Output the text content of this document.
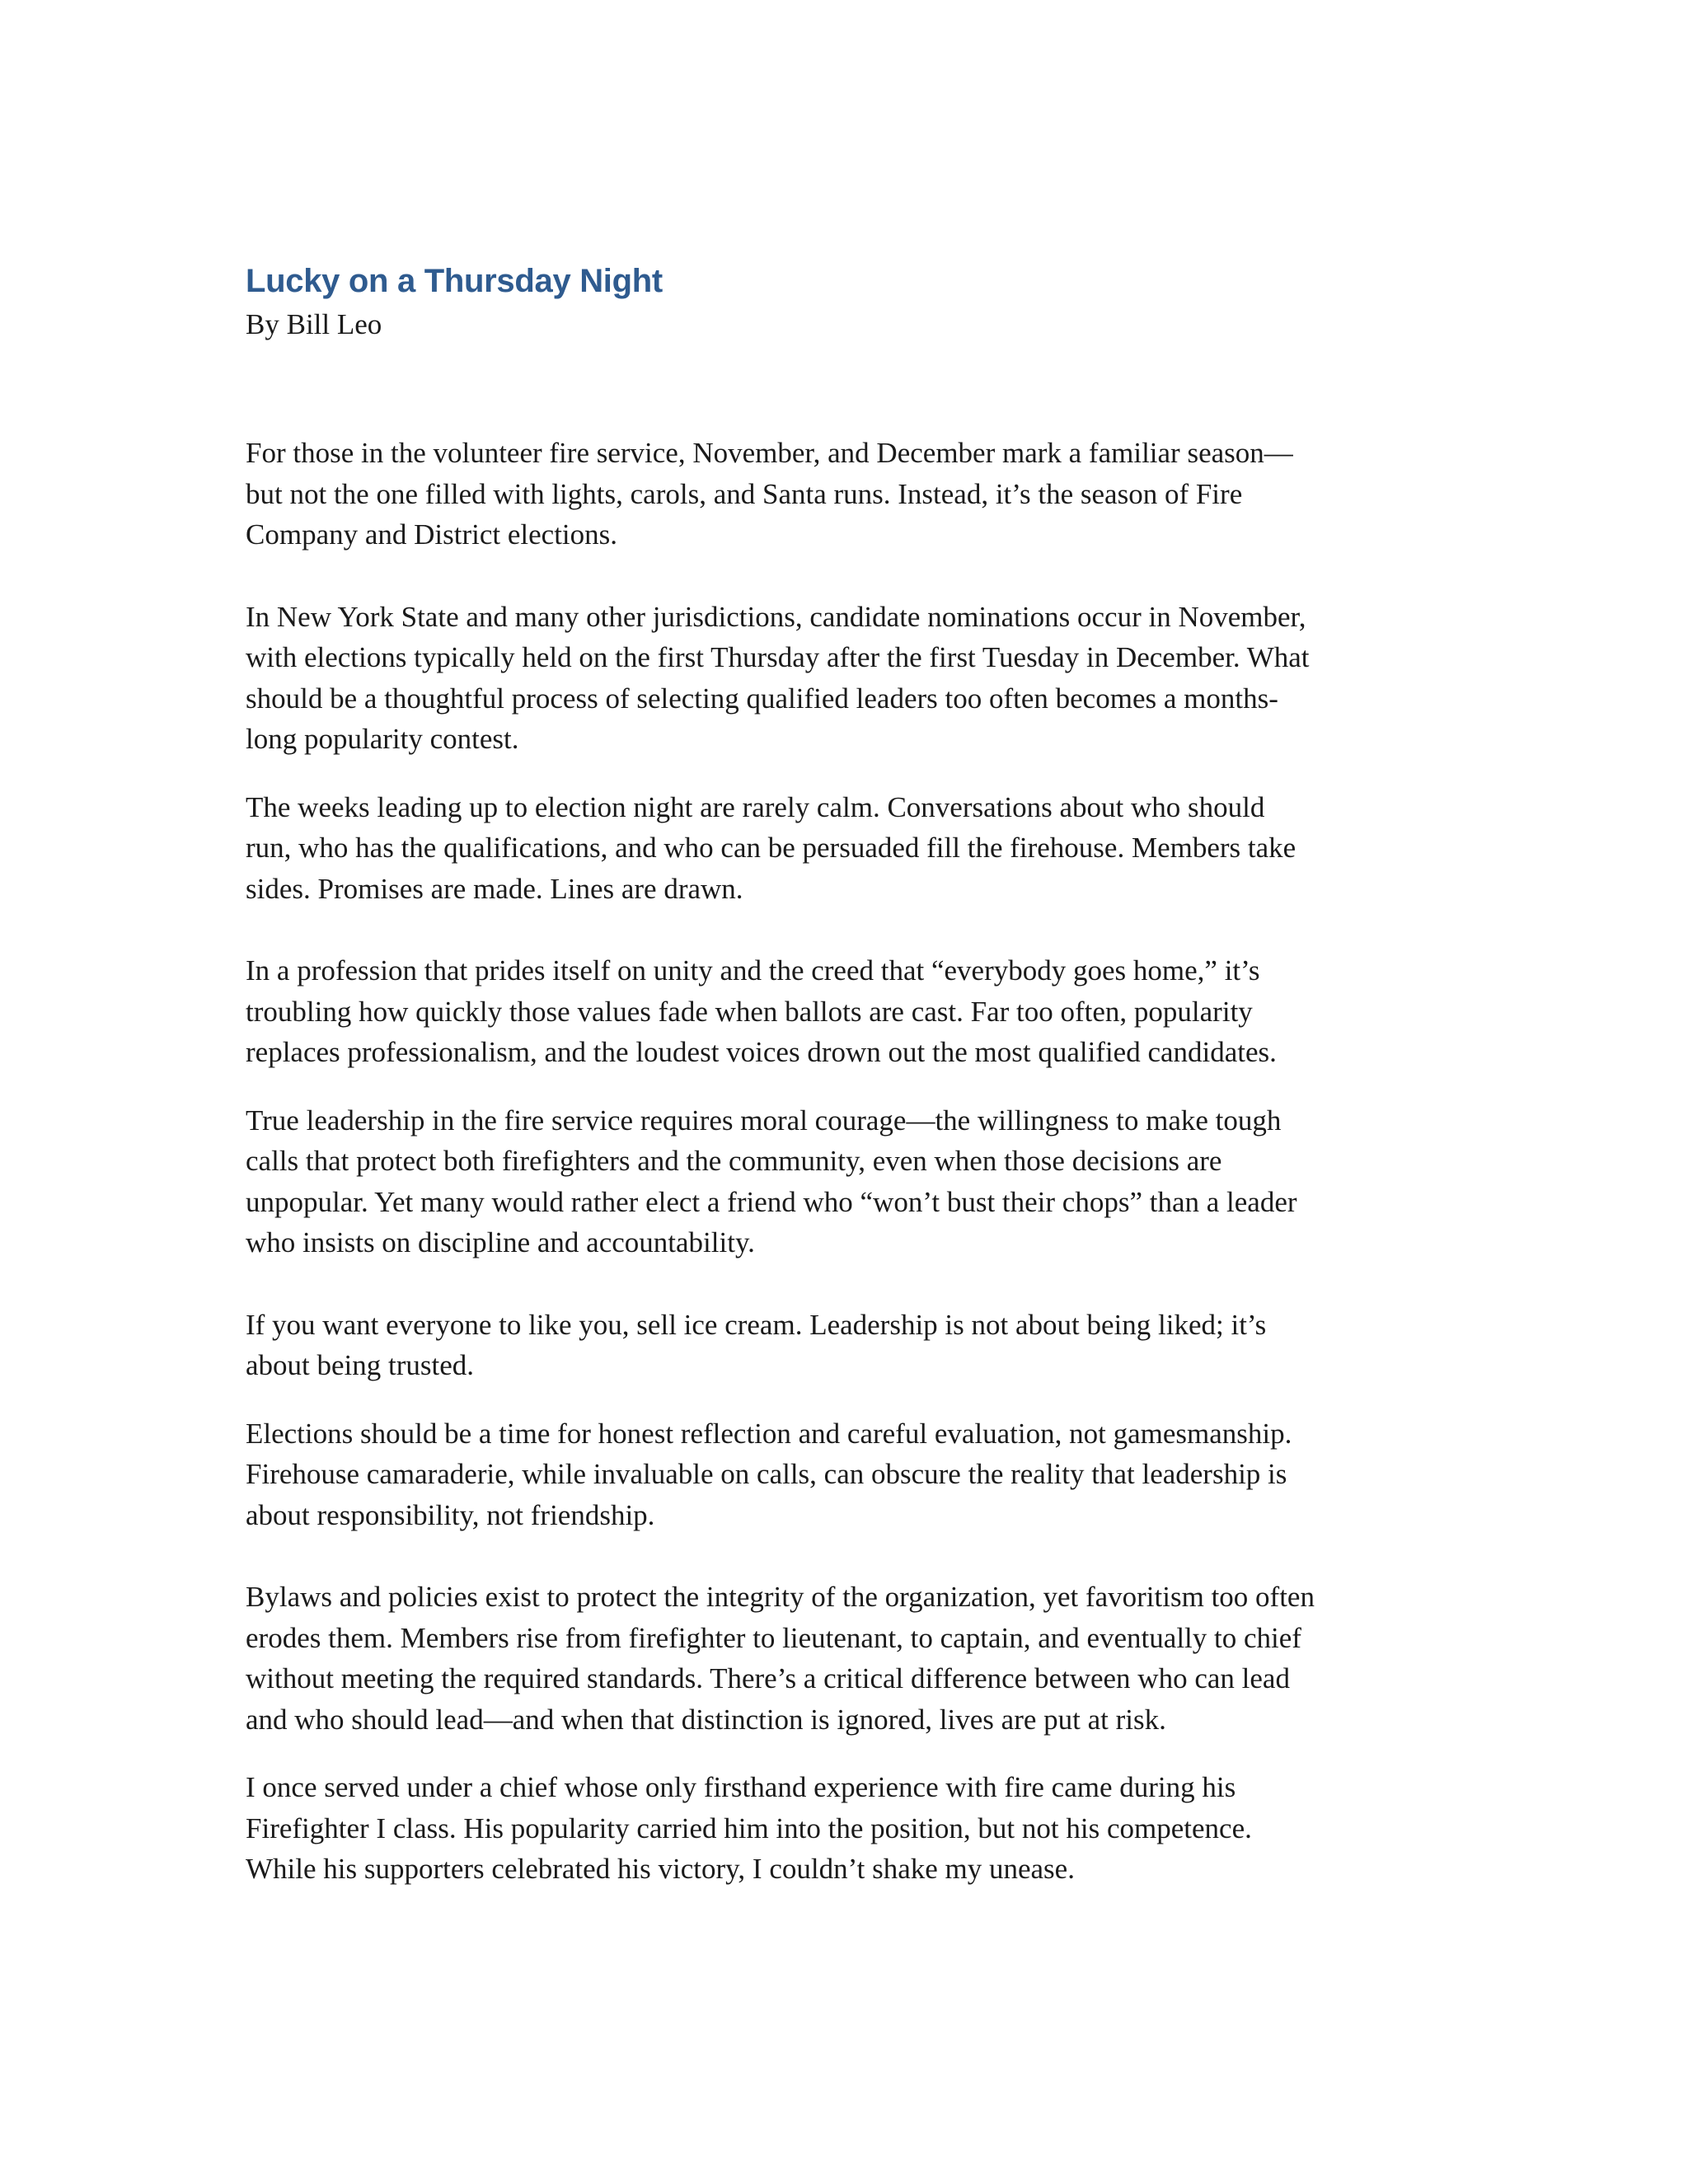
Lucky on a Thursday Night

By Bill Leo

For those in the volunteer fire service, November, and December mark a familiar season—
but not the one filled with lights, carols, and Santa runs. Instead, it’s the season of Fire
Company and District elections.

In New York State and many other jurisdictions, candidate nominations occur in November,
with elections typically held on the first Thursday after the first Tuesday in December. What
should be a thoughtful process of selecting qualified leaders too often becomes a months-
long popularity contest.

The weeks leading up to election night are rarely calm. Conversations about who should
run, who has the qualifications, and who can be persuaded fill the firehouse. Members take
sides. Promises are made. Lines are drawn.

In a profession that prides itself on unity and the creed that “everybody goes home,” it’s
troubling how quickly those values fade when ballots are cast. Far too often, popularity
replaces professionalism, and the loudest voices drown out the most qualified candidates.

True leadership in the fire service requires moral courage—the willingness to make tough
calls that protect both firefighters and the community, even when those decisions are
unpopular. Yet many would rather elect a friend who “won’t bust their chops” than a leader
who insists on discipline and accountability.

If you want everyone to like you, sell ice cream. Leadership is not about being liked; it’s
about being trusted.

Elections should be a time for honest reflection and careful evaluation, not gamesmanship.
Firehouse camaraderie, while invaluable on calls, can obscure the reality that leadership is
about responsibility, not friendship.

Bylaws and policies exist to protect the integrity of the organization, yet favoritism too often
erodes them. Members rise from firefighter to lieutenant, to captain, and eventually to chief
without meeting the required standards. There’s a critical difference between who can lead
and who should lead—and when that distinction is ignored, lives are put at risk.

I once served under a chief whose only firsthand experience with fire came during his
Firefighter I class. His popularity carried him into the position, but not his competence.
While his supporters celebrated his victory, I couldn’t shake my unease.
